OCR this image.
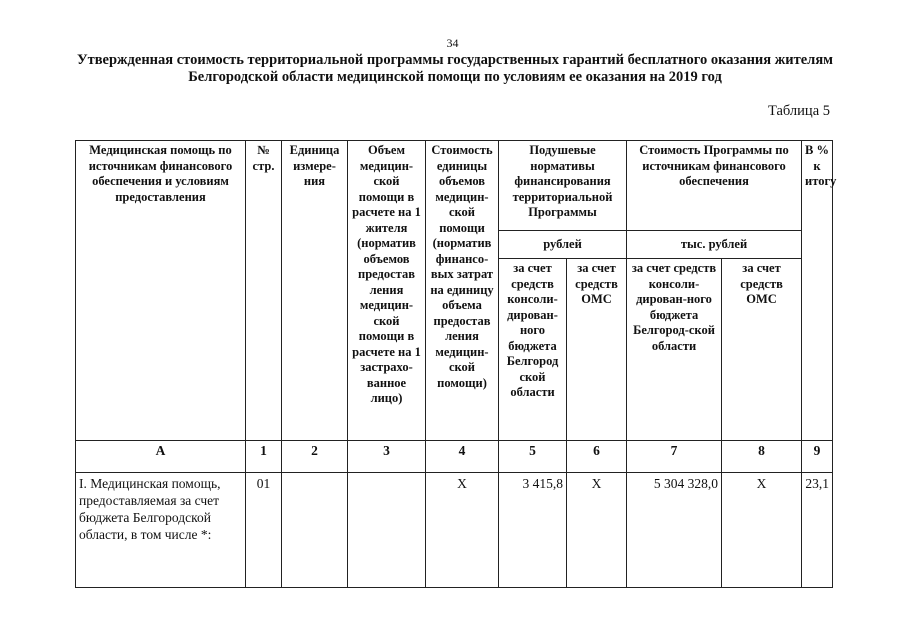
34
Утвержденная стоимость территориальной программы государственных гарантий бесплатного оказания жителям Белгородской области медицинской помощи по условиям ее оказания на 2019 год
Таблица 5
Медицинская помощь по источникам финансового обеспечения и условиям предоставления	№ стр.	Единица измере-ния	Объем медицин-ской помощи в расчете на 1 жителя (норматив объемов предостав ления медицин-ской помощи в расчете на 1 застрахо-ванное лицо)	Стоимость единицы объемов медицин-ской помощи (норматив финансо-вых затрат на единицу объема предостав ления медицин-ской помощи)	Подушевые нормативы финансирования территориальной Программы		Стоимость Программы по источникам финансового обеспечения		В % к итогу
					рублей		тыс. рублей		
					за счет средств консоли-дирован-ного бюджета Белгород ской области	за счет средств ОМС	за счет средств консоли-дирован-ного бюджета Белгород-ской области	за счет средств ОМС	
А	1	2	3	4	5	6	7	8	9
I. Медицинская помощь, предоставляемая за счет бюджета Белгородской области, в том числе *:	01			Х	3 415,8	Х	5 304 328,0	Х	23,1
